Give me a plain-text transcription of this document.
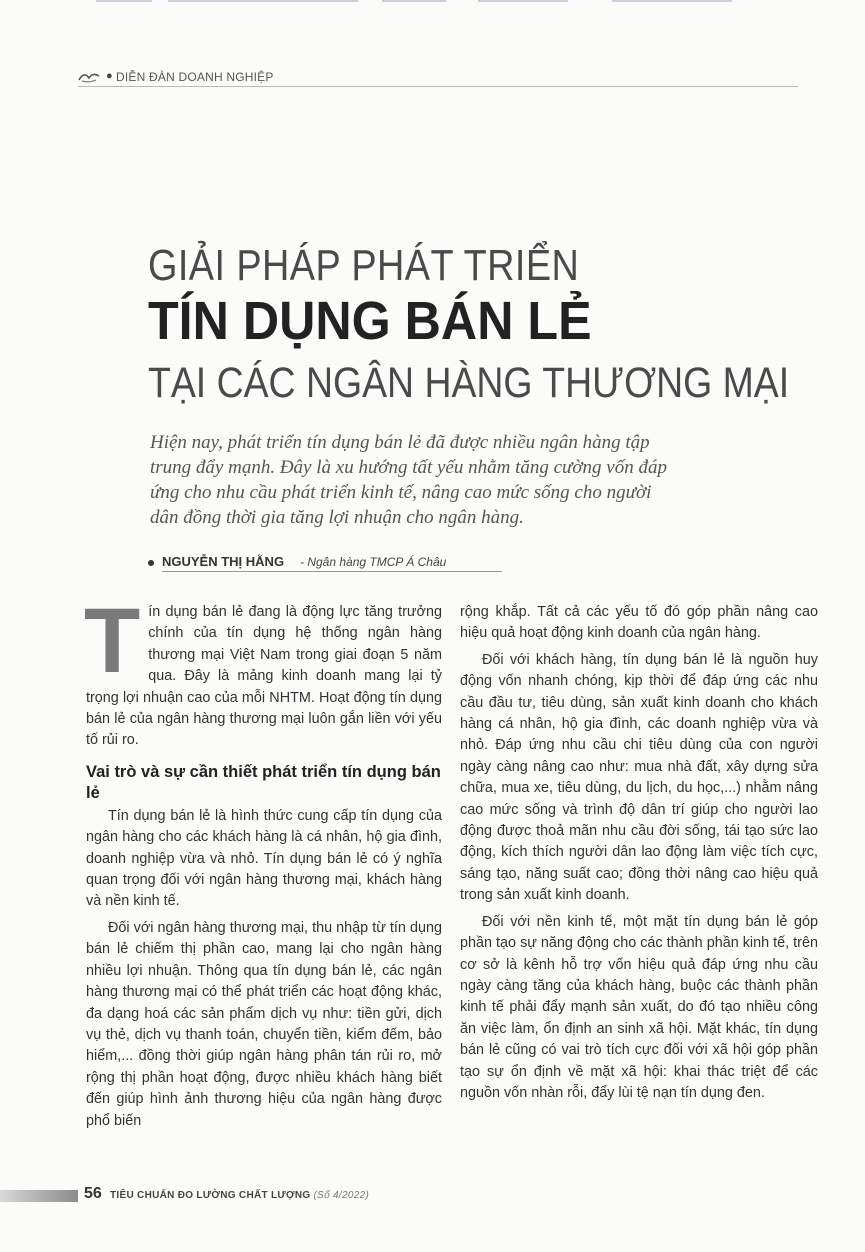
● DIỄN ĐÀN DOANH NGHIỆP
GIẢI PHÁP PHÁT TRIỂN
TÍN DỤNG BÁN LẺ
TẠI CÁC NGÂN HÀNG THƯƠNG MẠI
Hiện nay, phát triển tín dụng bán lẻ đã được nhiều ngân hàng tập trung đẩy mạnh. Đây là xu hướng tất yếu nhằm tăng cường vốn đáp ứng cho nhu cầu phát triển kinh tế, nâng cao mức sống cho người dân đồng thời gia tăng lợi nhuận cho ngân hàng.
NGUYỄN THỊ HẰNG - Ngân hàng TMCP Á Châu

Tín dụng bán lẻ đang là động lực tăng trưởng chính của tín dụng hệ thống ngân hàng thương mại Việt Nam trong giai đoạn 5 năm qua. Đây là mảng kinh doanh mang lại tỷ trọng lợi nhuận cao của mỗi NHTM. Hoạt động tín dụng bán lẻ của ngân hàng thương mại luôn gắn liền với yếu tố rủi ro.

Vai trò và sự cần thiết phát triển tín dụng bán lẻ

Tín dụng bán lẻ là hình thức cung cấp tín dụng của ngân hàng cho các khách hàng là cá nhân, hộ gia đình, doanh nghiệp vừa và nhỏ. Tín dụng bán lẻ có ý nghĩa quan trọng đối với ngân hàng thương mại, khách hàng và nền kinh tế.

Đối với ngân hàng thương mại, thu nhập từ tín dụng bán lẻ chiếm thị phần cao, mang lại cho ngân hàng nhiều lợi nhuận. Thông qua tín dụng bán lẻ, các ngân hàng thương mại có thể phát triển các hoạt động khác, đa dạng hoá các sản phẩm dịch vụ như: tiền gửi, dịch vụ thẻ, dịch vụ thanh toán, chuyển tiền, kiểm đếm, bảo hiểm,... đồng thời giúp ngân hàng phân tán rủi ro, mở rộng thị phần hoạt động, được nhiều khách hàng biết đến giúp hình ảnh thương hiệu của ngân hàng được phổ biến

rộng khắp. Tất cả các yếu tố đó góp phần nâng cao hiệu quả hoạt động kinh doanh của ngân hàng.

Đối với khách hàng, tín dụng bán lẻ là nguồn huy động vốn nhanh chóng, kịp thời để đáp ứng các nhu cầu đầu tư, tiêu dùng, sản xuất kinh doanh cho khách hàng cá nhân, hộ gia đình, các doanh nghiệp vừa và nhỏ. Đáp ứng nhu cầu chi tiêu dùng của con người ngày càng nâng cao như: mua nhà đất, xây dựng sửa chữa, mua xe, tiêu dùng, du lịch, du học,...) nhằm nâng cao mức sống và trình độ dân trí giúp cho người lao động được thoả mãn nhu cầu đời sống, tái tạo sức lao động, kích thích người dân lao động làm việc tích cực, sáng tạo, năng suất cao; đồng thời nâng cao hiệu quả trong sản xuất kinh doanh.

Đối với nền kinh tế, một mặt tín dụng bán lẻ góp phần tạo sự năng động cho các thành phần kinh tế, trên cơ sở là kênh hỗ trợ vốn hiệu quả đáp ứng nhu cầu ngày càng tăng của khách hàng, buộc các thành phần kinh tế phải đẩy mạnh sản xuất, do đó tạo nhiều công ăn việc làm, ổn định an sinh xã hội. Mặt khác, tín dụng bán lẻ cũng có vai trò tích cực đối với xã hội góp phần tạo sự ổn định về mặt xã hội: khai thác triệt để các nguồn vốn nhàn rỗi, đẩy lùi tệ nạn tín dụng đen.

56 TIÊU CHUẨN ĐO LƯỜNG CHẤT LƯỢNG (Số 4/2022)
